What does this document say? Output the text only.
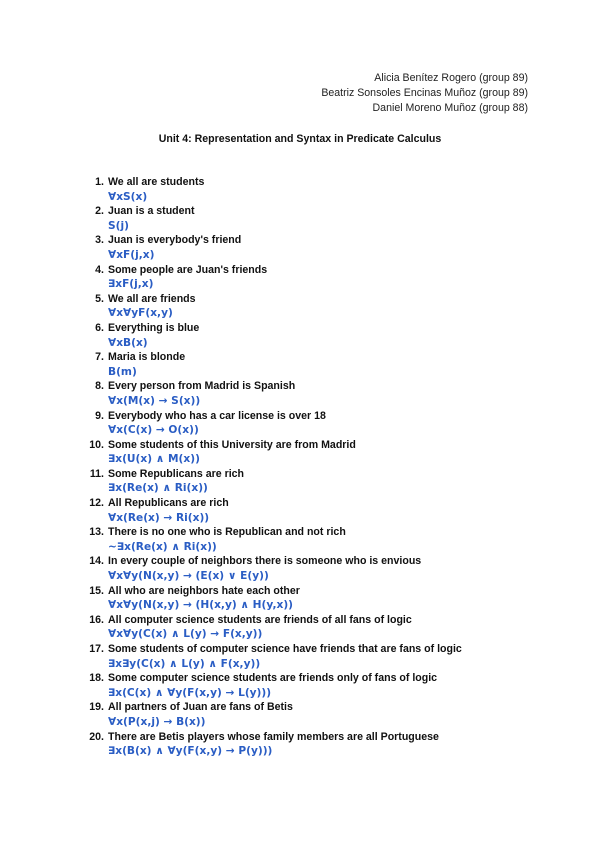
Alicia Benítez Rogero (group 89)
Beatriz Sonsoles Encinas Muñoz (group 89)
Daniel Moreno Muñoz (group 88)
Unit 4: Representation and Syntax in Predicate Calculus
1. We all are students
∀xS(x)
2. Juan is a student
S(j)
3. Juan is everybody's friend
∀xF(j,x)
4. Some people are Juan's friends
∃xF(j,x)
5. We all are friends
∀x∀yF(x,y)
6. Everything is blue
∀xB(x)
7. Maria is blonde
B(m)
8. Every person from Madrid is Spanish
∀x(M(x) → S(x))
9. Everybody who has a car license is over 18
∀x(C(x) → O(x))
10. Some students of this University are from Madrid
∃x(U(x) ∧ M(x))
11. Some Republicans are rich
∃x(Re(x) ∧ Ri(x))
12. All Republicans are rich
∀x(Re(x) → Ri(x))
13. There is no one who is Republican and not rich
~∃x(Re(x) ∧ Ri(x))
14. In every couple of neighbors there is someone who is envious
∀x∀y(N(x,y) → (E(x) ∨ E(y))
15. All who are neighbors hate each other
∀x∀y(N(x,y) → (H(x,y) ∧ H(y,x))
16. All computer science students are friends of all fans of logic
∀x∀y(C(x) ∧ L(y) → F(x,y))
17. Some students of computer science have friends that are fans of logic
∃x∃y(C(x) ∧ L(y) ∧ F(x,y))
18. Some computer science students are friends only of fans of logic
∃x(C(x) ∧ ∀y(F(x,y) → L(y)))
19. All partners of Juan are fans of Betis
∀x(P(x,j) → B(x))
20. There are Betis players whose family members are all Portuguese
∃x(B(x) ∧ ∀y(F(x,y) → P(y)))
